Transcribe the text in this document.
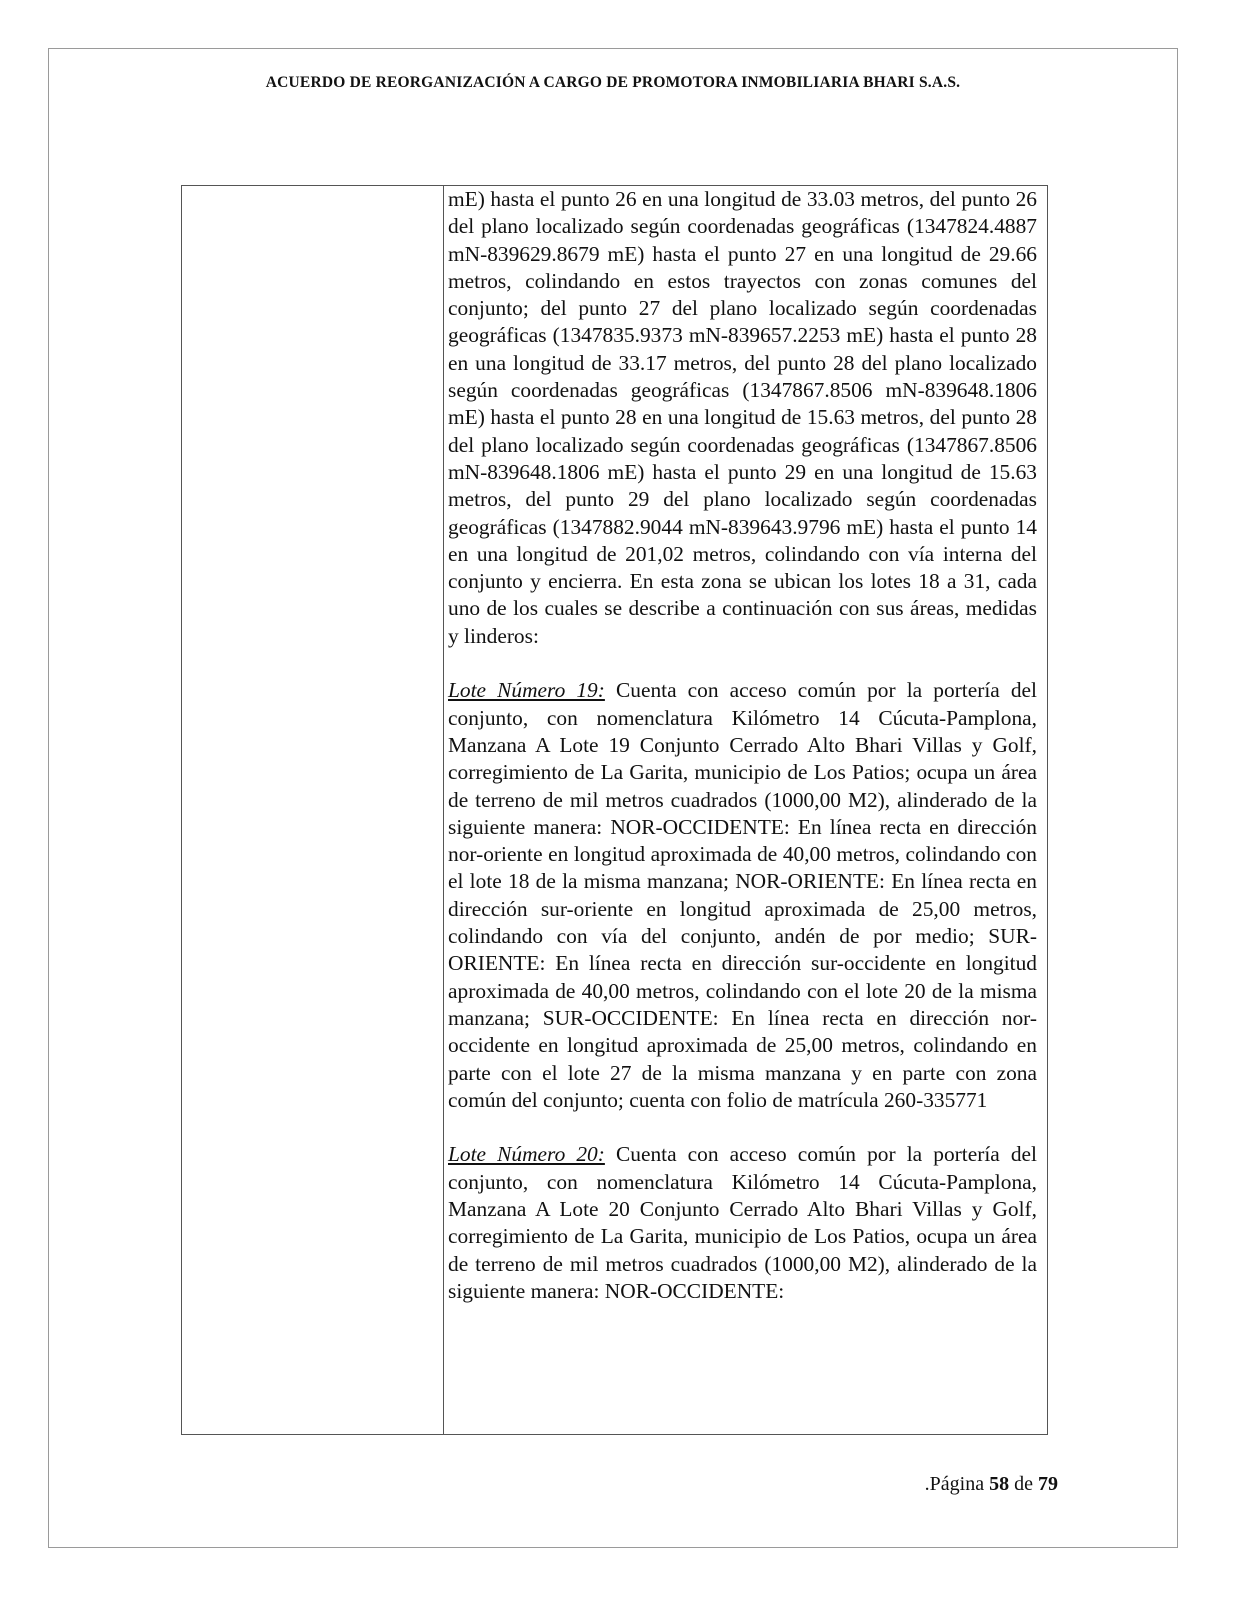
ACUERDO DE REORGANIZACIÓN A CARGO DE PROMOTORA INMOBILIARIA BHARI S.A.S.

mE) hasta el punto 26 en una longitud de 33.03 metros, del punto 26 del plano localizado según coordenadas geográficas (1347824.4887 mN-839629.8679 mE) hasta el punto 27 en una longitud de 29.66 metros, colindando en estos trayectos con zonas comunes del conjunto; del punto 27 del plano localizado según coordenadas geográficas (1347835.9373 mN-839657.2253 mE) hasta el punto 28 en una longitud de 33.17 metros, del punto 28 del plano localizado según coordenadas geográficas (1347867.8506 mN-839648.1806 mE) hasta el punto 28 en una longitud de 15.63 metros, del punto 28 del plano localizado según coordenadas geográficas (1347867.8506 mN-839648.1806 mE) hasta el punto 29 en una longitud de 15.63 metros, del punto 29 del plano localizado según coordenadas geográficas (1347882.9044 mN-839643.9796 mE) hasta el punto 14 en una longitud de 201,02 metros, colindando con vía interna del conjunto y encierra. En esta zona se ubican los lotes 18 a 31, cada uno de los cuales se describe a continuación con sus áreas, medidas y linderos:

Lote Número 19: Cuenta con acceso común por la portería del conjunto, con nomenclatura Kilómetro 14 Cúcuta-Pamplona, Manzana A Lote 19 Conjunto Cerrado Alto Bhari Villas y Golf, corregimiento de La Garita, municipio de Los Patios; ocupa un área de terreno de mil metros cuadrados (1000,00 M2), alinderado de la siguiente manera: NOR-OCCIDENTE: En línea recta en dirección nor-oriente en longitud aproximada de 40,00 metros, colindando con el lote 18 de la misma manzana; NOR-ORIENTE: En línea recta en dirección sur-oriente en longitud aproximada de 25,00 metros, colindando con vía del conjunto, andén de por medio; SUR-ORIENTE: En línea recta en dirección sur-occidente en longitud aproximada de 40,00 metros, colindando con el lote 20 de la misma manzana; SUR-OCCIDENTE: En línea recta en dirección nor-occidente en longitud aproximada de 25,00 metros, colindando en parte con el lote 27 de la misma manzana y en parte con zona común del conjunto; cuenta con folio de matrícula 260-335771

Lote Número 20: Cuenta con acceso común por la portería del conjunto, con nomenclatura Kilómetro 14 Cúcuta-Pamplona, Manzana A Lote 20 Conjunto Cerrado Alto Bhari Villas y Golf, corregimiento de La Garita, municipio de Los Patios, ocupa un área de terreno de mil metros cuadrados (1000,00 M2), alinderado de la siguiente manera: NOR-OCCIDENTE:

.Página 58 de 79
